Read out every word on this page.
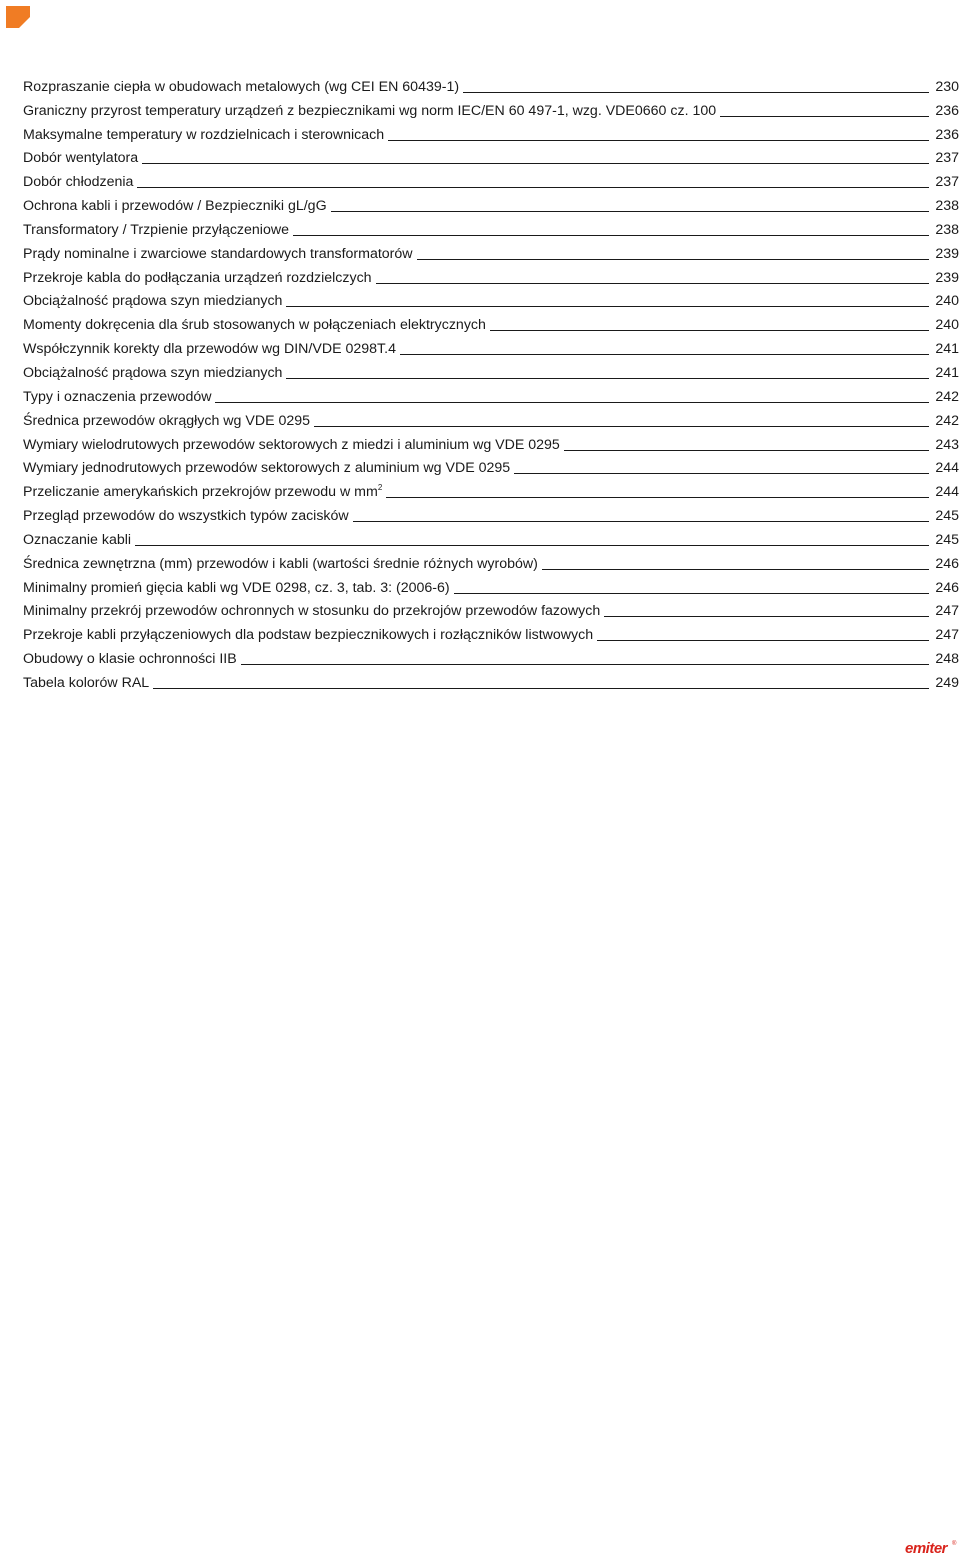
Rozpraszanie ciepła w obudowach metalowych (wg CEI EN 60439-1)	230
Graniczny przyrost temperatury urządzeń z bezpiecznikami wg norm IEC/EN 60 497-1, wzg. VDE0660 cz. 100	236
Maksymalne temperatury w rozdzielnicach i sterownicach	236
Dobór wentylatora	237
Dobór chłodzenia	237
Ochrona kabli i przewodów / Bezpieczniki gL/gG	238
Transformatory / Trzpienie przyłączeniowe	238
Prądy nominalne i zwarciowe standardowych transformatorów	239
Przekroje kabla do podłączania urządzeń rozdzielczych	239
Obciążalność prądowa szyn miedzianych	240
Momenty dokręcenia dla śrub stosowanych w połączeniach elektrycznych	240
Współczynnik korekty dla przewodów wg DIN/VDE 0298T.4	241
Obciążalność prądowa szyn miedzianych	241
Typy i oznaczenia przewodów	242
Średnica przewodów okrągłych wg VDE 0295	242
Wymiary wielodrutowych przewodów sektorowych z miedzi i aluminium wg VDE 0295	243
Wymiary jednodrutowych przewodów sektorowych z aluminium wg VDE 0295	244
Przeliczanie amerykańskich przekrojów przewodu w $mm^2$	244
Przegląd przewodów do wszystkich typów zacisków	245
Oznaczanie kabli	245
Średnica zewnętrzna (mm) przewodów i kabli (wartości średnie różnych wyrobów)	246
Minimalny promień gięcia kabli wg VDE 0298, cz. 3, tab. 3: (2006-6)	246
Minimalny przekrój przewodów ochronnych w stosunku do przekrojów przewodów fazowych	247
Przekroje kabli przyłączeniowych dla podstaw bezpiecznikowych i rozłączników listwowych	247
Obudowy o klasie ochronności IIB	248
Tabela kolorów RAL	249
emiter ®
